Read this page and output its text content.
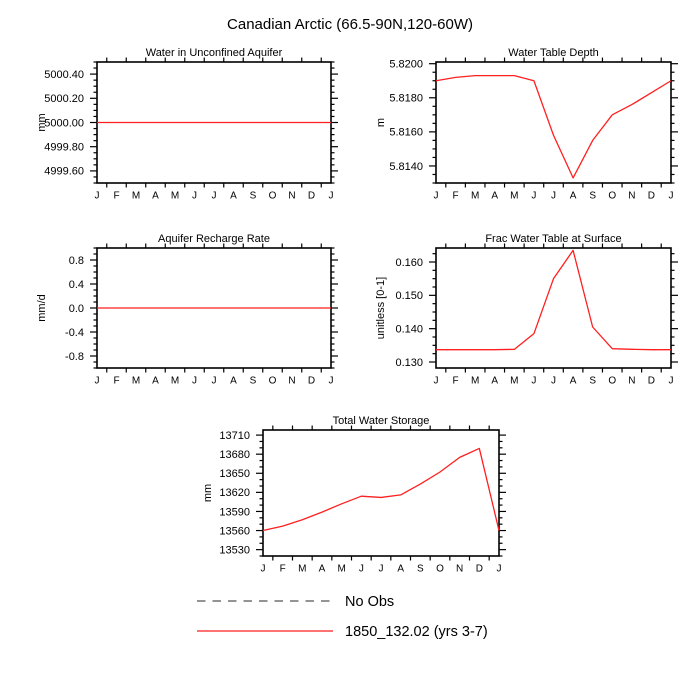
Canadian Arctic (66.5-90N,120-60W)
4999.60
4999.80
5000.00
5000.20
5000.40
J F M A M J J A S O N D J
Water in Unconfined Aquifer
mm
5.8140
5.8160
5.8180
5.8200
J F M A M J J A S O N D J
Water Table Depth
m
-0.8
-0.4
0.0
0.4
0.8
J F M A M J J A S O N D J
Aquifer Recharge Rate
mm/d
0.130
0.140
0.150
0.160
J F M A M J J A S O N D J
Frac Water Table at Surface
unitless [0-1]
13530
13560
13590
13620
13650
13680
13710
J F M A M J J A S O N D J
Total Water Storage
mm
No Obs
1850_132.02 (yrs 3-7)
